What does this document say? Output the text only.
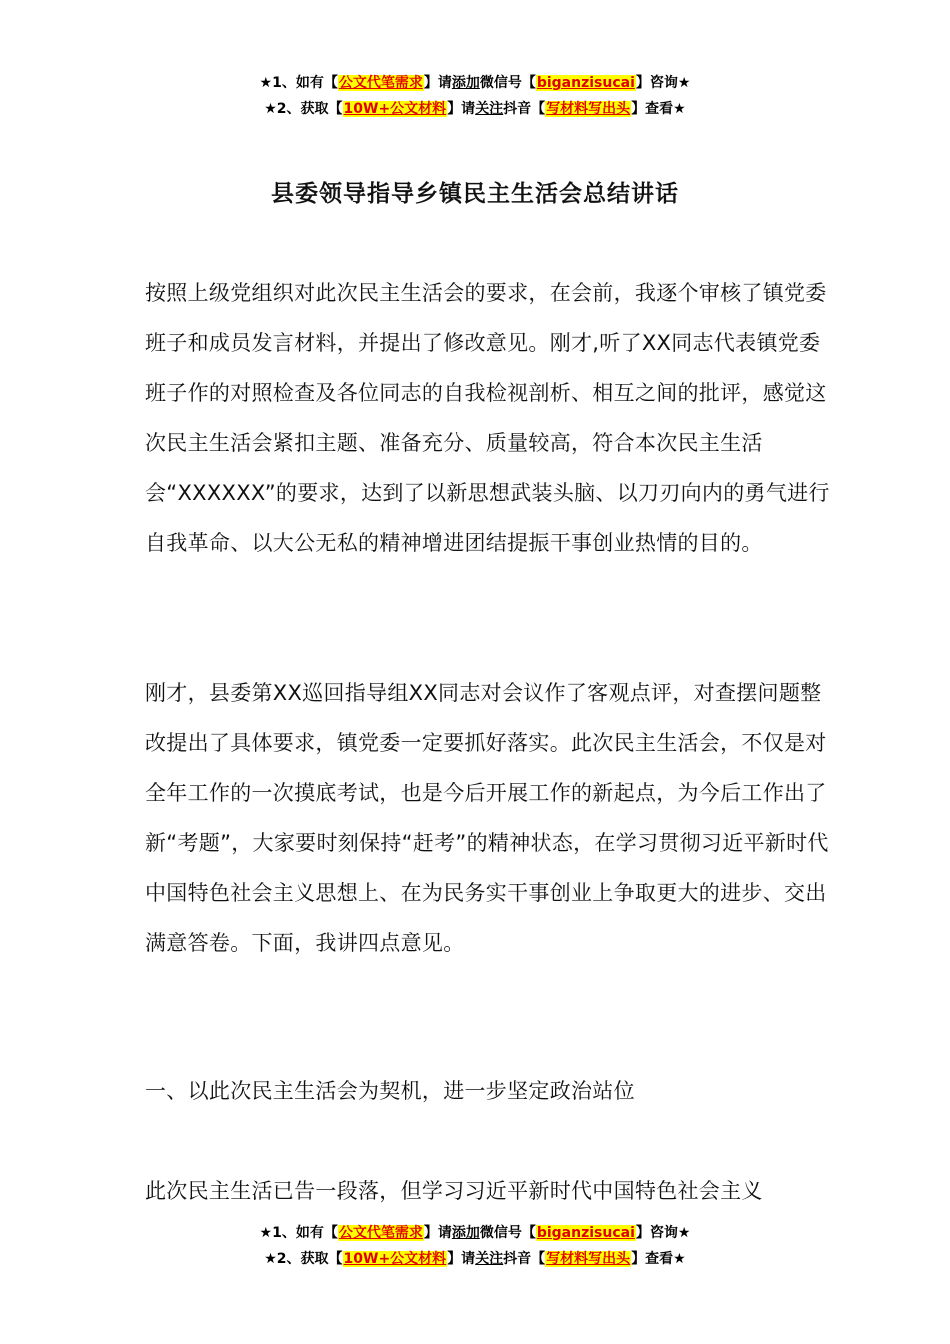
★1、如有【公文代笔需求】请添加微信号【biganzisucai】咨询★
★2、获取【10W+公文材料】请关注抖音【写材料写出头】查看★
县委领导指导乡镇民主生活会总结讲话

按照上级党组织对此次民主生活会的要求，在会前，我逐个审核了镇党委班子和成员发言材料，并提出了修改意见。刚才,听了XX同志代表镇党委班子作的对照检查及各位同志的自我检视剖析、相互之间的批评，感觉这次民主生活会紧扣主题、准备充分、质量较高，符合本次民主生活会“XXXXXX”的要求，达到了以新思想武装头脑、以刀刃向内的勇气进行自我革命、以大公无私的精神增进团结提振干事创业热情的目的。

刚才，县委第XX巡回指导组XX同志对会议作了客观点评，对查摆问题整改提出了具体要求，镇党委一定要抓好落实。此次民主生活会，不仅是对全年工作的一次摸底考试，也是今后开展工作的新起点，为今后工作出了新“考题”，大家要时刻保持“赶考”的精神状态，在学习贯彻习近平新时代中国特色社会主义思想上、在为民务实干事创业上争取更大的进步、交出满意答卷。下面，我讲四点意见。

一、以此次民主生活会为契机，进一步坚定政治站位

此次民主生活已告一段落，但学习习近平新时代中国特色社会主义

★1、如有【公文代笔需求】请添加微信号【biganzisucai】咨询★
★2、获取【10W+公文材料】请关注抖音【写材料写出头】查看★
